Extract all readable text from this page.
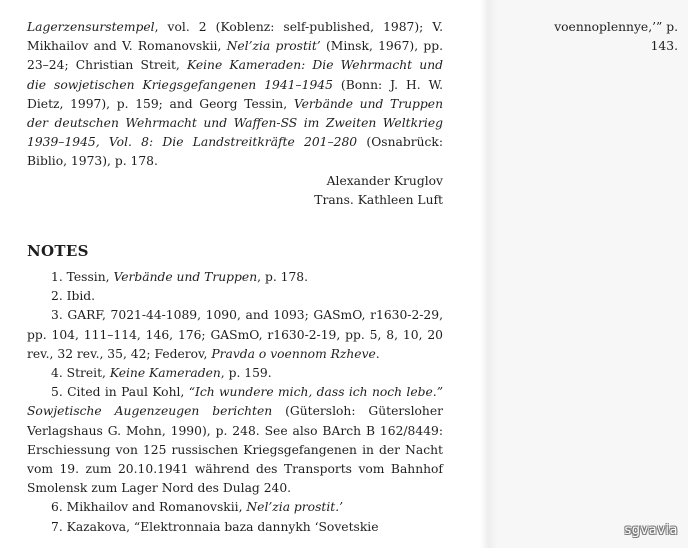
Lagerzensurstempel, vol. 2 (Koblenz: self-published, 1987); V. Mikhailov and V. Romanovskii, Nel’zia prostit’ (Minsk, 1967), pp. 23–24; Christian Streit, Keine Kameraden: Die Wehrmacht und die sowjetischen Kriegsgefangenen 1941–1945 (Bonn: J. H. W. Dietz, 1997), p. 159; and Georg Tessin, Verbände und Truppen der deutschen Wehrmacht und Waffen-SS im Zweiten Weltkrieg 1939–1945, Vol. 8: Die Landstreitkräfte 201–280 (Osnabrück: Biblio, 1973), p. 178.

Alexander Kruglov

Trans. Kathleen Luft

NOTES

1. Tessin, Verbände und Truppen, p. 178.

2. Ibid.

3. GARF, 7021-44-1089, 1090, and 1093; GASmO, r1630-2-29, pp. 104, 111–114, 146, 176; GASmO, r1630-2-19, pp. 5, 8, 10, 20 rev., 32 rev., 35, 42; Federov, Pravda o voennom Rzheve.

4. Streit, Keine Kameraden, p. 159.

5. Cited in Paul Kohl, “Ich wundere mich, dass ich noch lebe.” Sowjetische Augenzeugen berichten (Gütersloh: Gütersloher Verlagshaus G. Mohn, 1990), p. 248. See also BArch B 162/8449: Erschiessung von 125 russischen Kriegsgefangenen in der Nacht vom 19. zum 20.10.1941 während des Transports vom Bahnhof Smolensk zum Lager Nord des Dulag 240.

6. Mikhailov and Romanovskii, Nel’zia prostit.’

7. Kazakova, “Elektronnaia baza dannykh ‘Sovetskie

voennoplennye,’” p. 143.
sgvavia
